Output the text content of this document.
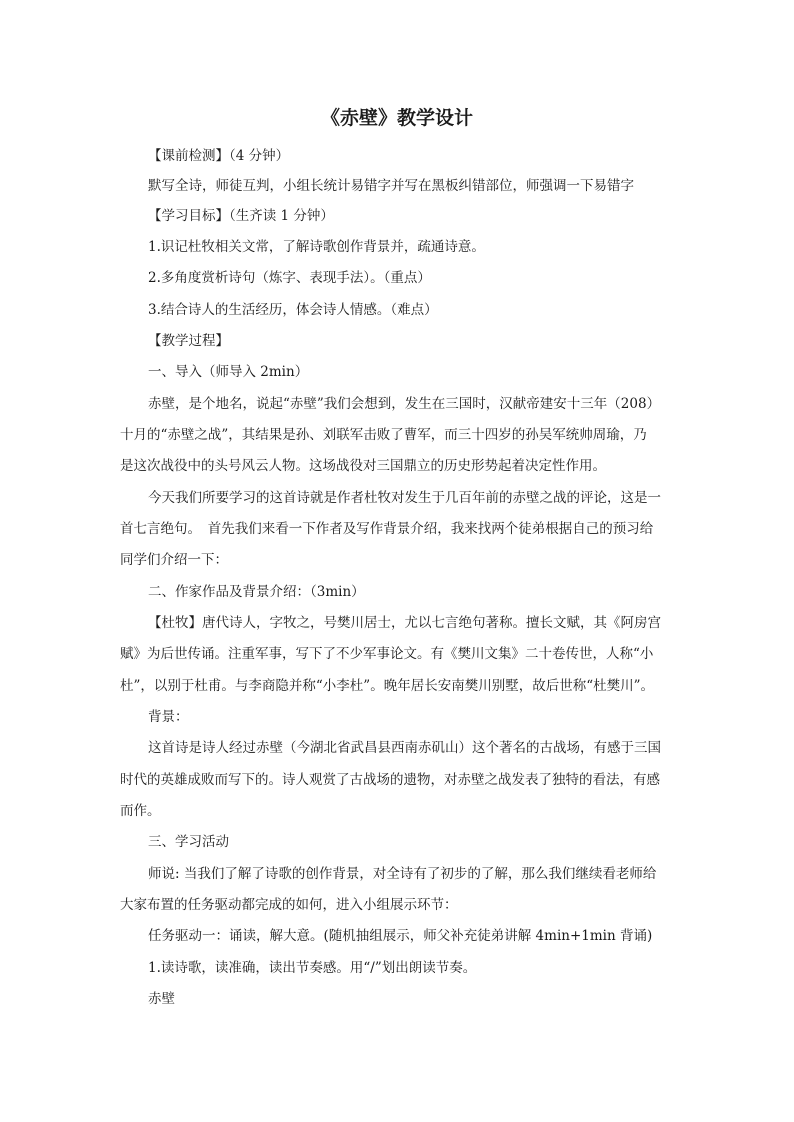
《赤壁》教学设计
【课前检测】（4 分钟）
默写全诗，师徒互判，小组长统计易错字并写在黑板纠错部位，师强调一下易错字
【学习目标】（生齐读 1 分钟）
1.识记杜牧相关文常，了解诗歌创作背景并，疏通诗意。
2.多角度赏析诗句（炼字、表现手法）。（重点）
3.结合诗人的生活经历，体会诗人情感。（难点）
【教学过程】
一、导入（师导入 2min）
赤壁，是个地名，说起“赤壁”我们会想到，发生在三国时，汉献帝建安十三年（208）
十月的“赤壁之战”，其结果是孙、刘联军击败了曹军，而三十四岁的孙吴军统帅周瑜，乃
是这次战役中的头号风云人物。这场战役对三国鼎立的历史形势起着决定性作用。
今天我们所要学习的这首诗就是作者杜牧对发生于几百年前的赤壁之战的评论，这是一
首七言绝句。　首先我们来看一下作者及写作背景介绍，我来找两个徒弟根据自己的预习给
同学们介绍一下：
二、作家作品及背景介绍：（3min）
【杜牧】唐代诗人，字牧之，号樊川居士，尤以七言绝句著称。擅长文赋，其《阿房宫
赋》为后世传诵。注重军事，写下了不少军事论文。有《樊川文集》二十卷传世，人称“小
杜”，以别于杜甫。与李商隐并称“小李杜”。晚年居长安南樊川别墅，故后世称“杜樊川”。
背景：
这首诗是诗人经过赤壁（今湖北省武昌县西南赤矶山）这个著名的古战场，有感于三国
时代的英雄成败而写下的。诗人观赏了古战场的遗物，对赤壁之战发表了独特的看法，有感
而作。
三、学习活动
师说: 当我们了解了诗歌的创作背景，对全诗有了初步的了解，那么我们继续看老师给
大家布置的任务驱动都完成的如何，进入小组展示环节：
任务驱动一：诵读，解大意。(随机抽组展示，师父补充徒弟讲解 4min+1min 背诵)
1.读诗歌，读准确，读出节奏感。用“/”划出朗读节奏。
赤壁
